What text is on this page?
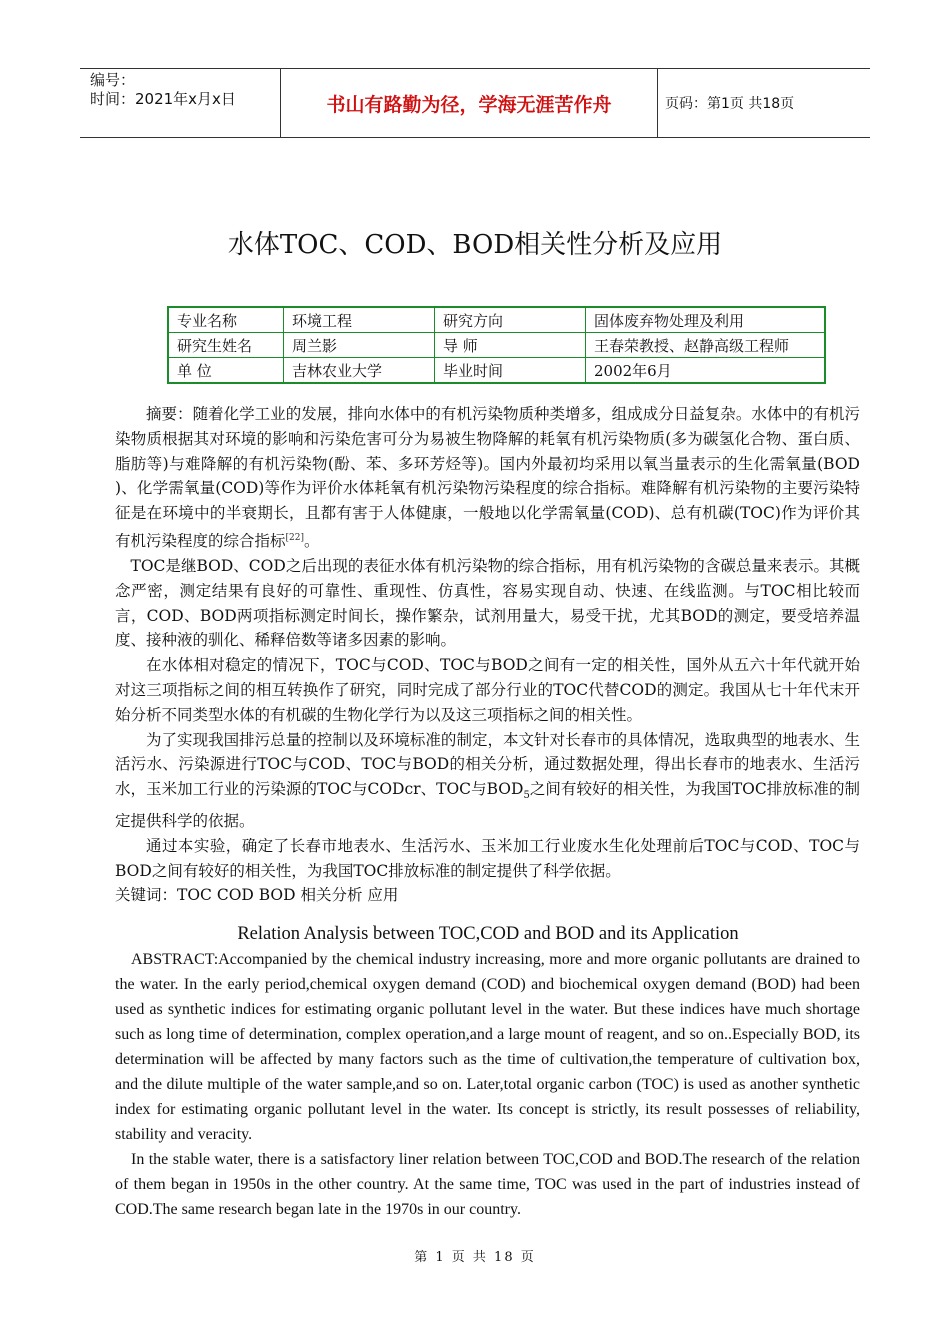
编号：
时间：2021年x月x日	书山有路勤为径，学海无涯苦作舟	页码：第1页 共18页
水体TOC、COD、BOD相关性分析及应用
专业名称	环境工程	研究方向	固体废弃物处理及利用
研究生姓名	周兰影	导 师	王春荣教授、赵静高级工程师
单 位	吉林农业大学	毕业时间	2002年6月

摘要：随着化学工业的发展，排向水体中的有机污染物质种类增多，组成成分日益复杂。水体中的有机污染物质根据其对环境的影响和污染危害可分为易被生物降解的耗氧有机污染物质(多为碳氢化合物、蛋白质、脂肪等)与难降解的有机污染物(酚、苯、多环芳烃等)。国内外最初均采用以氧当量表示的生化需氧量(BOD )、化学需氧量(COD)等作为评价水体耗氧有机污染物污染程度的综合指标。难降解有机污染物的主要污染特征是在环境中的半衰期长，且都有害于人体健康，一般地以化学需氧量(COD)、总有机碳(TOC)作为评价其有机污染程度的综合指标[22]。

TOC是继BOD、COD之后出现的表征水体有机污染物的综合指标，用有机污染物的含碳总量来表示。其概念严密，测定结果有良好的可靠性、重现性、仿真性，容易实现自动、快速、在线监测。与TOC相比较而言，COD、BOD两项指标测定时间长，操作繁杂，试剂用量大，易受干扰，尤其BOD的测定，要受培养温度、接种液的驯化、稀释倍数等诸多因素的影响。

在水体相对稳定的情况下，TOC与COD、TOC与BOD之间有一定的相关性，国外从五六十年代就开始对这三项指标之间的相互转换作了研究，同时完成了部分行业的TOC代替COD的测定。我国从七十年代末开始分析不同类型水体的有机碳的生物化学行为以及这三项指标之间的相关性。

为了实现我国排污总量的控制以及环境标准的制定，本文针对长春市的具体情况，选取典型的地表水、生活污水、污染源进行TOC与COD、TOC与BOD的相关分析，通过数据处理，得出长春市的地表水、生活污水，玉米加工行业的污染源的TOC与CODcr、TOC与$BOD_5$之间有较好的相关性，为我国TOC排放标准的制定提供科学的依据。

通过本实验，确定了长春市地表水、生活污水、玉米加工行业废水生化处理前后TOC与COD、TOC与BOD之间有较好的相关性，为我国TOC排放标准的制定提供了科学依据。

关键词：TOC COD BOD 相关分析 应用

Relation Analysis between TOC,COD and BOD and its Application

ABSTRACT:Accompanied by the chemical industry increasing, more and more organic pollutants are drained to the water. In the early period,chemical oxygen demand (COD) and biochemical oxygen demand (BOD) had been used as synthetic indices for estimating organic pollutant level in the water. But these indices have much shortage such as long time of determination, complex operation,and a large mount of reagent, and so on..Especially BOD, its determination will be affected by many factors such as the time of cultivation,the temperature of cultivation box, and the dilute multiple of the water sample,and so on. Later,total organic carbon (TOC) is used as another synthetic index for estimating organic pollutant level in the water. Its concept is strictly, its result possesses of reliability, stability and veracity.

In the stable water, there is a satisfactory liner relation between TOC,COD and BOD.The research of the relation of them began in 1950s in the other country. At the same time, TOC was used in the part of industries instead of COD.The same research began late in the 1970s in our country.

第 1 页 共 18 页
